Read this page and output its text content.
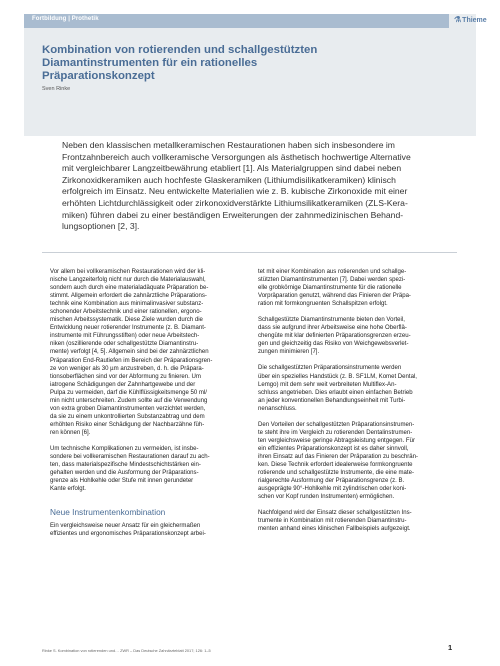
Fortbildung | Prothetik	⚗Thieme
Kombination von rotierenden und schallgestützten
Diamantinstrumenten für ein rationelles
Präparationskonzept
Sven Rinke

Neben den klassischen metallkeramischen Restaurationen haben sich insbesondere im
Frontzahnbereich auch vollkeramische Versorgungen als ästhetisch hochwertige Alternative
mit vergleichbarer Langzeitbewährung etabliert [1]. Als Materialgruppen sind dabei neben
Zirkonoxidkeramiken auch hochfeste Glaskeramiken (Lithiumdisilikatkeramiken) klinisch
erfolgreich im Einsatz. Neu entwickelte Materialien wie z. B. kubische Zirkonoxide mit einer
erhöhten Lichtdurchlässigkeit oder zirkonoxidverstärkte Lithiumsilikatkeramiken (ZLS-Kera-
miken) führen dabei zu einer beständigen Erweiterungen der zahnmedizinischen Behand-
lungsoptionen [2, 3].

Vor allem bei vollkeramischen Restaurationen wird der kli-
nische Langzeiterfolg nicht nur durch die Materialauswahl,
sondern auch durch eine materialadäquate Präparation be-
stimmt. Allgemein erfordert die zahnärztliche Präparations-
technik eine Kombination aus minimalinvasiver substanz-
schonender Arbeitstechnik und einer rationellen, ergono-
mischen Arbeitssystematik. Diese Ziele wurden durch die
Entwicklung neuer rotierender Instrumente (z. B. Diamant-
instrumente mit Führungsstiften) oder neue Arbeitstech-
niken (oszillierende oder schallgestützte Diamantinstru-
mente) verfolgt [4, 5]. Allgemein sind bei der zahnärztlichen
Präparation End-Rautiefen im Bereich der Präparationsgren-
ze von weniger als 30 µm anzustreben, d. h. die Präpara-
tionsoberflächen sind vor der Abformung zu finieren. Um
iatrogene Schädigungen der Zahnhartgewebe und der
Pulpa zu vermeiden, darf die Kühlflüssigkeitsmenge 50 ml/
min nicht unterschreiten. Zudem sollte auf die Verwendung
von extra groben Diamantinstrumenten verzichtet werden,
da sie zu einem unkontrollierten Substanzabtrag und dem
erhöhten Risiko einer Schädigung der Nachbarzähne füh-
ren können [6].

Um technische Komplikationen zu vermeiden, ist insbe-
sondere bei vollkeramischen Restaurationen darauf zu ach-
ten, dass materialspezifische Mindestschichtstärken ein-
gehalten werden und die Ausformung der Präparations-
grenze als Hohlkehle oder Stufe mit innen gerundeter
Kante erfolgt.

Neue Instrumentenkombination

Ein vergleichsweise neuer Ansatz für ein gleichermaßen
effizientes und ergonomisches Präparationskonzept arbei-

tet mit einer Kombination aus rotierenden und schallge-
stützten Diamantinstrumenten [7]. Dabei werden spezi-
elle grobkörnige Diamantinstrumente für die rationelle
Vorpräparation genutzt, während das Finieren der Präpa-
ration mit formkongruenten Schallspitzen erfolgt.

Schallgestützte Diamantinstrumente bieten den Vorteil,
dass sie aufgrund ihrer Arbeitsweise eine hohe Oberflä-
chengüte mit klar definierten Präparationsgrenzen erzeu-
gen und gleichzeitig das Risiko von Weichgewebsverlet-
zungen minimieren [7].

Die schallgestützten Präparationsinstrumente werden
über ein spezielles Handstück (z. B. SF1LM, Komet Dental,
Lemgo) mit dem sehr weit verbreiteten Multiflex-An-
schluss angetrieben. Dies erlaubt einen einfachen Betrieb
an jeder konventionellen Behandlungseinheit mit Turbi-
nenanschluss.

Den Vorteilen der schallgestützten Präparationsinstrumen-
te steht ihre im Vergleich zu rotierenden Dentalinstrumen-
ten vergleichsweise geringe Abtragsleistung entgegen. Für
ein effizientes Präparationskonzept ist es daher sinnvoll,
ihren Einsatz auf das Finieren der Präparation zu beschrän-
ken. Diese Technik erfordert idealerweise formkongruente
rotierende und schallgestützte Instrumente, die eine mate-
rialgerechte Ausformung der Präparationsgrenze (z. B.
ausgeprägte 90°-Hohlkehle mit zylindrischen oder koni-
schen vor Kopf runden Instrumenten) ermöglichen.

Nachfolgend wird der Einsatz dieser schallgestützten Ins-
trumente in Kombination mit rotierenden Diamantinstru-
menten anhand eines klinischen Fallbeispiels aufgezeigt.

Rinke S. Kombination von rotierenden und… ZWR – Das Deutsche Zahnärzteblatt 2017; 126: 1–5	1
